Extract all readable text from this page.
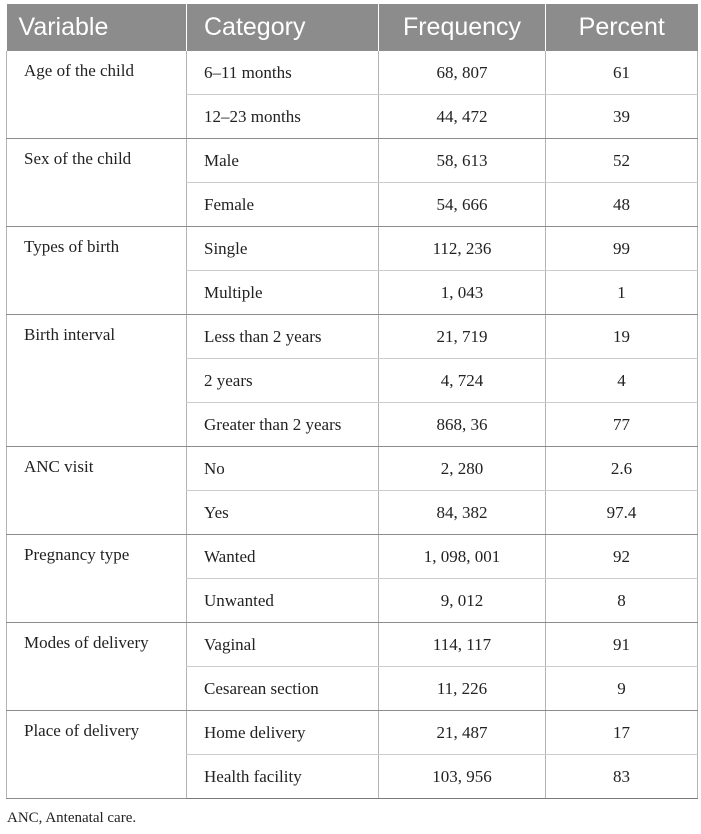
Variable	Category	Frequency	Percent
Age of the child	6–11 months	68, 807	61
	12–23 months	44, 472	39
Sex of the child	Male	58, 613	52
	Female	54, 666	48
Types of birth	Single	112, 236	99
	Multiple	1, 043	1
Birth interval	Less than 2 years	21, 719	19
	2 years	4, 724	4
	Greater than 2 years	868, 36	77
ANC visit	No	2, 280	2.6
	Yes	84, 382	97.4
Pregnancy type	Wanted	1, 098, 001	92
	Unwanted	9, 012	8
Modes of delivery	Vaginal	114, 117	91
	Cesarean section	11, 226	9
Place of delivery	Home delivery	21, 487	17
	Health facility	103, 956	83
ANC, Antenatal care.
